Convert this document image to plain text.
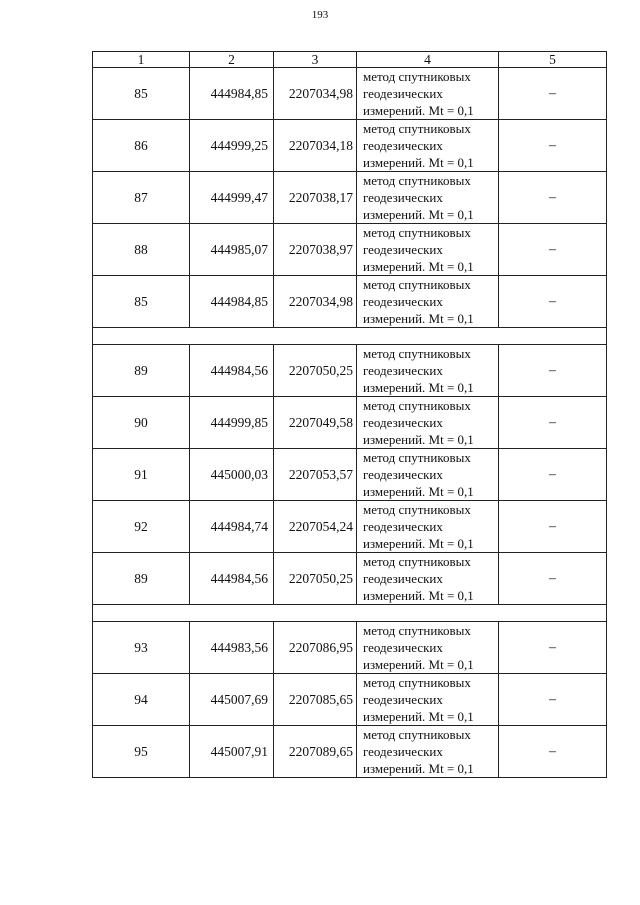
193
1	2	3	4	5
85	444984,85	2207034,98	метод спутниковых
геодезических
измерений. Mt = 0,1	–
86	444999,25	2207034,18	метод спутниковых
геодезических
измерений. Mt = 0,1	–
87	444999,47	2207038,17	метод спутниковых
геодезических
измерений. Mt = 0,1	–
88	444985,07	2207038,97	метод спутниковых
геодезических
измерений. Mt = 0,1	–
85	444984,85	2207034,98	метод спутниковых
геодезических
измерений. Mt = 0,1	–

89	444984,56	2207050,25	метод спутниковых
геодезических
измерений. Mt = 0,1	–
90	444999,85	2207049,58	метод спутниковых
геодезических
измерений. Mt = 0,1	–
91	445000,03	2207053,57	метод спутниковых
геодезических
измерений. Mt = 0,1	–
92	444984,74	2207054,24	метод спутниковых
геодезических
измерений. Mt = 0,1	–
89	444984,56	2207050,25	метод спутниковых
геодезических
измерений. Mt = 0,1	–

93	444983,56	2207086,95	метод спутниковых
геодезических
измерений. Mt = 0,1	–
94	445007,69	2207085,65	метод спутниковых
геодезических
измерений. Mt = 0,1	–
95	445007,91	2207089,65	метод спутниковых
геодезических
измерений. Mt = 0,1	–
